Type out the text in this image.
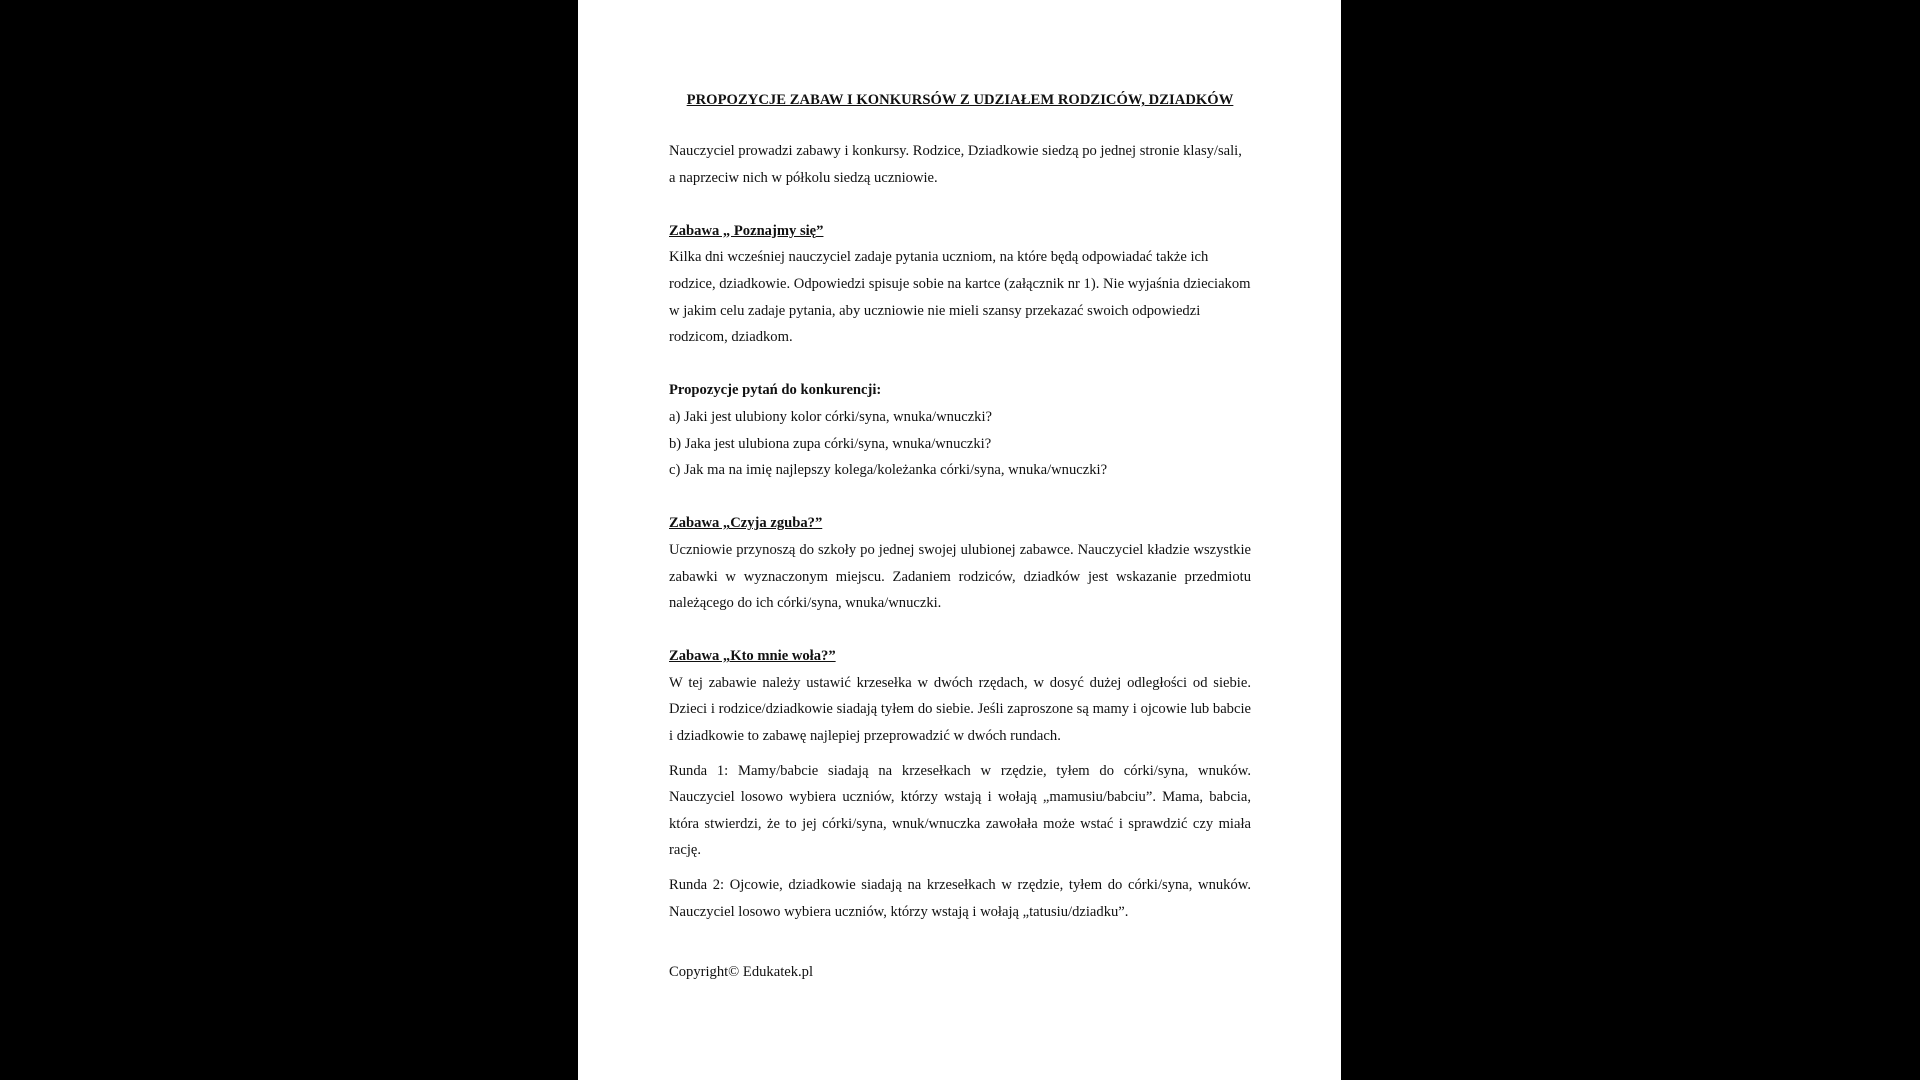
PROPOZYCJE ZABAW I KONKURSÓW Z UDZIAŁEM RODZICÓW, DZIADKÓW

Nauczyciel prowadzi zabawy i konkursy. Rodzice, Dziadkowie siedzą po jednej stronie klasy/sali, a naprzeciw nich w półkolu siedzą uczniowie.

Zabawa „ Poznajmy się”

Kilka dni wcześniej nauczyciel zadaje pytania uczniom, na które będą odpowiadać także ich rodzice, dziadkowie. Odpowiedzi spisuje sobie na kartce (załącznik nr 1). Nie wyjaśnia dzieciakom w jakim celu zadaje pytania, aby uczniowie nie mieli szansy przekazać swoich odpowiedzi rodzicom, dziadkom.

Propozycje pytań do konkurencji:

a) Jaki jest ulubiony kolor córki/syna, wnuka/wnuczki?

b) Jaka jest ulubiona zupa córki/syna, wnuka/wnuczki?

c) Jak ma na imię najlepszy kolega/koleżanka córki/syna, wnuka/wnuczki?

Zabawa „Czyja zguba?”

Uczniowie przynoszą do szkoły po jednej swojej ulubionej zabawce. Nauczyciel kładzie wszystkie zabawki w wyznaczonym miejscu. Zadaniem rodziców, dziadków jest wskazanie przedmiotu należącego do ich córki/syna, wnuka/wnuczki.

Zabawa „Kto mnie woła?”

W tej zabawie należy ustawić krzesełka w dwóch rzędach, w dosyć dużej odległości od siebie. Dzieci i rodzice/dziadkowie siadają tyłem do siebie. Jeśli zaproszone są mamy i ojcowie lub babcie i dziadkowie to zabawę najlepiej przeprowadzić w dwóch rundach.

Runda 1: Mamy/babcie siadają na krzesełkach w rzędzie, tyłem do córki/syna, wnuków. Nauczyciel losowo wybiera uczniów, którzy wstają i wołają „mamusiu/babciu”. Mama, babcia, która stwierdzi, że to jej córki/syna, wnuk/wnuczka zawołała może wstać i sprawdzić czy miała rację.

Runda 2: Ojcowie, dziadkowie siadają na krzesełkach w rzędzie, tyłem do córki/syna, wnuków. Nauczyciel losowo wybiera uczniów, którzy wstają i wołają „tatusiu/dziadku”.

Copyright© Edukatek.pl
